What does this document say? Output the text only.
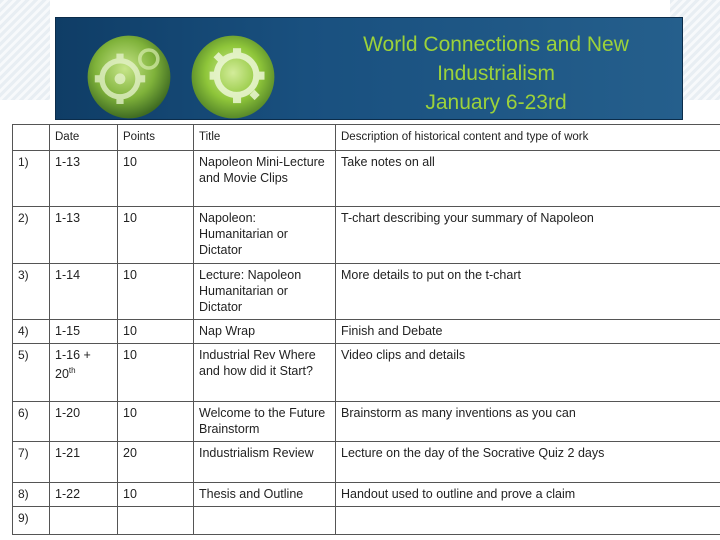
World Connections and New
Industrialism
January 6-23rd
	Date	Points	Title	Description of historical content and type of work
1)	1-13	10	Napoleon Mini-Lecture and Movie Clips	Take notes on all
2)	1-13	10	Napoleon: Humanitarian or Dictator	T-chart describing your summary of Napoleon
3)	1-14	10	Lecture: Napoleon Humanitarian or Dictator	More details to put on the t-chart
4)	1-15	10	Nap Wrap	Finish and Debate
5)	1-16 + 20th	10	Industrial Rev Where and how did it Start?	Video clips and details
6)	1-20	10	Welcome to the Future Brainstorm	Brainstorm as many inventions as you can
7)	1-21	20	Industrialism Review	Lecture on the day of the Socrative Quiz 2 days
8)	1-22	10	Thesis and Outline	Handout used to outline and prove a claim
9)				
